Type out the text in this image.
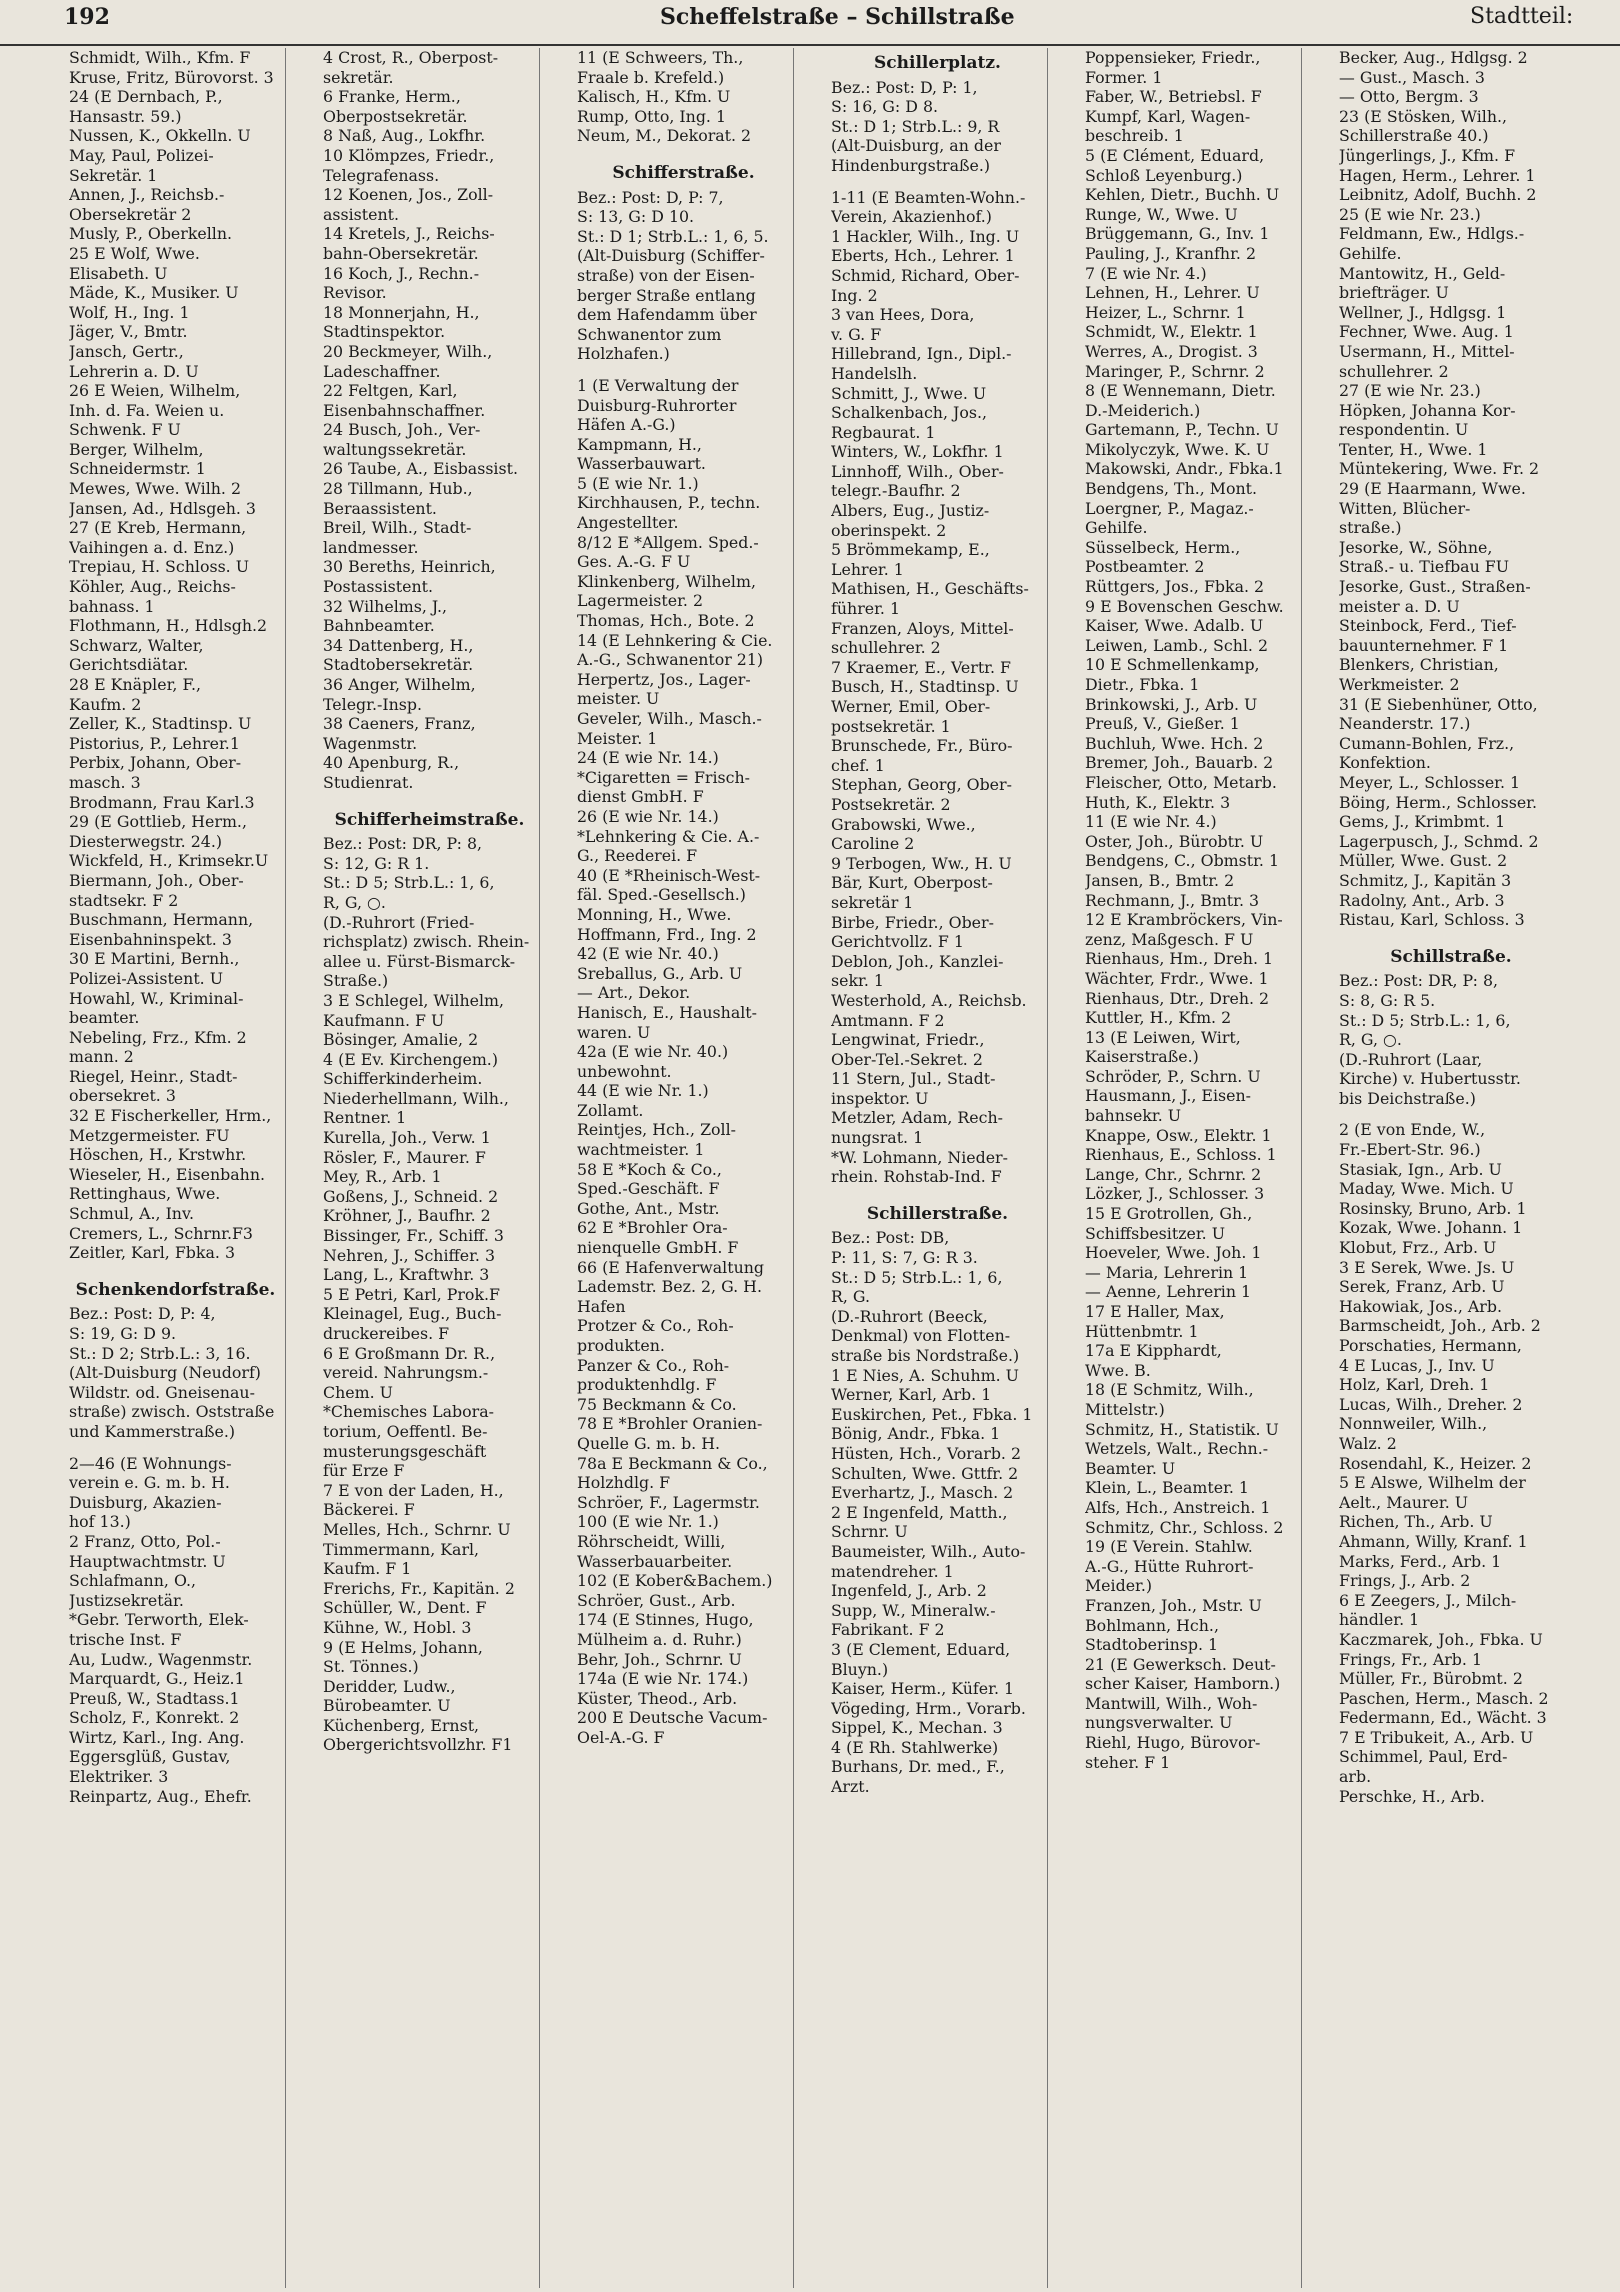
192	Scheffelstraße – Schillstraße	Stadtteil:
Schmidt, Wilh., Kfm. F
Kruse, Fritz, Bürovorst. 3
24 (E Dernbach, P.,
Hansastr. 59.)
Nussen, K., Okkelln. U
May, Paul, Polizei-
Sekretär. 1
Annen, J., Reichsb.-
Obersekretär 2
Musly, P., Oberkelln.
25 E Wolf, Wwe.
Elisabeth. U
Mäde, K., Musiker. U
Wolf, H., Ing. 1
Jäger, V., Bmtr.
Jansch, Gertr.,
Lehrerin a. D. U
26 E Weien, Wilhelm,
Inh. d. Fa. Weien u.
Schwenk. F U
Berger, Wilhelm,
Schneidermstr. 1
Mewes, Wwe. Wilh. 2
Jansen, Ad., Hdlsgeh. 3
27 (E Kreb, Hermann,
Vaihingen a. d. Enz.)
Trepiau, H. Schloss. U
Köhler, Aug., Reichs-
bahnass. 1
Flothmann, H., Hdlsgh.2
Schwarz, Walter,
Gerichtsdiätar.
28 E Knäpler, F.,
Kaufm. 2
Zeller, K., Stadtinsp. U
Pistorius, P., Lehrer.1
Perbix, Johann, Ober-
masch. 3
Brodmann, Frau Karl.3
29 (E Gottlieb, Herm.,
Diesterwegstr. 24.)
Wickfeld, H., Krimsekr.U
Biermann, Joh., Ober-
stadtsekr. F 2
Buschmann, Hermann,
Eisenbahninspekt. 3
30 E Martini, Bernh.,
Polizei-Assistent. U
Howahl, W., Kriminal-
beamter.
Nebeling, Frz., Kfm. 2
mann. 2
Riegel, Heinr., Stadt-
obersekret. 3
32 E Fischerkeller, Hrm.,
Metzgermeister. FU
Höschen, H., Krstwhr.
Wieseler, H., Eisenbahn.
Rettinghaus, Wwe.
Schmul, A., Inv.
Cremers, L., Schrnr.F3
Zeitler, Karl, Fbka. 3
Schenkendorfstraße.
Bez.: Post: D, P: 4,
S: 19, G: D 9.
St.: D 2; Strb.L.: 3, 16.
(Alt-Duisburg (Neudorf)
Wildstr. od. Gneisenau-
straße) zwisch. Oststraße
und Kammerstraße.)
2—46 (E Wohnungs-
verein e. G. m. b. H.
Duisburg, Akazien-
hof 13.)
2 Franz, Otto, Pol.-
Hauptwachtmstr. U
Schlafmann, O.,
Justizsekretär.
*Gebr. Terworth, Elek-
trische Inst. F
Au, Ludw., Wagenmstr.
Marquardt, G., Heiz.1
Preuß, W., Stadtass.1
Scholz, F., Konrekt. 2
Wirtz, Karl., Ing. Ang.
Eggersglüß, Gustav,
Elektriker. 3
Reinpartz, Aug., Ehefr.
4 Crost, R., Oberpost-
sekretär.
6 Franke, Herm.,
Oberpostsekretär.
8 Naß, Aug., Lokfhr.
10 Klömpzes, Friedr.,
Telegrafenass.
12 Koenen, Jos., Zoll-
assistent.
14 Kretels, J., Reichs-
bahn-Obersekretär.
16 Koch, J., Rechn.-
Revisor.
18 Monnerjahn, H.,
Stadtinspektor.
20 Beckmeyer, Wilh.,
Ladeschaffner.
22 Feltgen, Karl,
Eisenbahnschaffner.
24 Busch, Joh., Ver-
waltungssekretär.
26 Taube, A., Eisbassist.
28 Tillmann, Hub.,
Beraassistent.
Breil, Wilh., Stadt-
landmesser.
30 Bereths, Heinrich,
Postassistent.
32 Wilhelms, J.,
Bahnbeamter.
34 Dattenberg, H.,
Stadtobersekretär.
36 Anger, Wilhelm,
Telegr.-Insp.
38 Caeners, Franz,
Wagenmstr.
40 Apenburg, R.,
Studienrat.
Schifferheimstraße.
Bez.: Post: DR, P: 8,
S: 12, G: R 1.
St.: D 5; Strb.L.: 1, 6,
R, G, ○.
(D.-Ruhrort (Fried-
richsplatz) zwisch. Rhein-
allee u. Fürst-Bismarck-
Straße.)
3 E Schlegel, Wilhelm,
Kaufmann. F U
Bösinger, Amalie, 2
4 (E Ev. Kirchengem.)
Schifferkinderheim.
Niederhellmann, Wilh.,
Rentner. 1
Kurella, Joh., Verw. 1
Rösler, F., Maurer. F
Mey, R., Arb. 1
Goßens, J., Schneid. 2
Kröhner, J., Baufhr. 2
Bissinger, Fr., Schiff. 3
Nehren, J., Schiffer. 3
Lang, L., Kraftwhr. 3
5 E Petri, Karl, Prok.F
Kleinagel, Eug., Buch-
druckereibes. F
6 E Großmann Dr. R.,
vereid. Nahrungsm.-
Chem. U
*Chemisches Labora-
torium, Oeffentl. Be-
musterungsgeschäft
für Erze F
7 E von der Laden, H.,
Bäckerei. F
Melles, Hch., Schrnr. U
Timmermann, Karl,
Kaufm. F 1
Frerichs, Fr., Kapitän. 2
Schüller, W., Dent. F
Kühne, W., Hobl. 3
9 (E Helms, Johann,
St. Tönnes.)
Deridder, Ludw.,
Bürobeamter. U
Küchenberg, Ernst,
Obergerichtsvollzhr. F1
11 (E Schweers, Th.,
Fraale b. Krefeld.)
Kalisch, H., Kfm. U
Rump, Otto, Ing. 1
Neum, M., Dekorat. 2
Schifferstraße.
Bez.: Post: D, P: 7,
S: 13, G: D 10.
St.: D 1; Strb.L.: 1, 6, 5.
(Alt-Duisburg (Schiffer-
straße) von der Eisen-
berger Straße entlang
dem Hafendamm über
Schwanentor zum
Holzhafen.)
1 (E Verwaltung der
Duisburg-Ruhrorter
Häfen A.-G.)
Kampmann, H.,
Wasserbauwart.
5 (E wie Nr. 1.)
Kirchhausen, P., techn.
Angestellter.
8/12 E *Allgem. Sped.-
Ges. A.-G. F U
Klinkenberg, Wilhelm,
Lagermeister. 2
Thomas, Hch., Bote. 2
14 (E Lehnkering & Cie.
A.-G., Schwanentor 21)
Herpertz, Jos., Lager-
meister. U
Geveler, Wilh., Masch.-
Meister. 1
24 (E wie Nr. 14.)
*Cigaretten = Frisch-
dienst GmbH. F
26 (E wie Nr. 14.)
*Lehnkering & Cie. A.-
G., Reederei. F
40 (E *Rheinisch-West-
fäl. Sped.-Gesellsch.)
Monning, H., Wwe.
Hoffmann, Frd., Ing. 2
42 (E wie Nr. 40.)
Sreballus, G., Arb. U
— Art., Dekor.
Hanisch, E., Haushalt-
waren. U
42a (E wie Nr. 40.)
unbewohnt.
44 (E wie Nr. 1.)
Zollamt.
Reintjes, Hch., Zoll-
wachtmeister. 1
58 E *Koch & Co.,
Sped.-Geschäft. F
Gothe, Ant., Mstr.
62 E *Brohler Ora-
nienquelle GmbH. F
66 (E Hafenverwaltung
Lademstr. Bez. 2, G. H.
Hafen
Protzer & Co., Roh-
produkten.
Panzer & Co., Roh-
produktenhdlg. F
75 Beckmann & Co.
78 E *Brohler Oranien-
Quelle G. m. b. H.
78a E Beckmann & Co.,
Holzhdlg. F
Schröer, F., Lagermstr.
100 (E wie Nr. 1.)
Röhrscheidt, Willi,
Wasserbauarbeiter.
102 (E Kober&Bachem.)
Schröer, Gust., Arb.
174 (E Stinnes, Hugo,
Mülheim a. d. Ruhr.)
Behr, Joh., Schrnr. U
174a (E wie Nr. 174.)
Küster, Theod., Arb.
200 E Deutsche Vacum-
Oel-A.-G. F
Schillerplatz.
Bez.: Post: D, P: 1,
S: 16, G: D 8.
St.: D 1; Strb.L.: 9, R
(Alt-Duisburg, an der
Hindenburgstraße.)
1-11 (E Beamten-Wohn.-
Verein, Akazienhof.)
1 Hackler, Wilh., Ing. U
Eberts, Hch., Lehrer. 1
Schmid, Richard, Ober-
Ing. 2
3 van Hees, Dora,
v. G. F
Hillebrand, Ign., Dipl.-
Handelslh.
Schmitt, J., Wwe. U
Schalkenbach, Jos.,
Regbaurat. 1
Winters, W., Lokfhr. 1
Linnhoff, Wilh., Ober-
telegr.-Baufhr. 2
Albers, Eug., Justiz-
oberinspekt. 2
5 Brömmekamp, E.,
Lehrer. 1
Mathisen, H., Geschäfts-
führer. 1
Franzen, Aloys, Mittel-
schullehrer. 2
7 Kraemer, E., Vertr. F
Busch, H., Stadtinsp. U
Werner, Emil, Ober-
postsekretär. 1
Brunschede, Fr., Büro-
chef. 1
Stephan, Georg, Ober-
Postsekretär. 2
Grabowski, Wwe.,
Caroline 2
9 Terbogen, Ww., H. U
Bär, Kurt, Oberpost-
sekretär 1
Birbe, Friedr., Ober-
Gerichtvollz. F 1
Deblon, Joh., Kanzlei-
sekr. 1
Westerhold, A., Reichsb.
Amtmann. F 2
Lengwinat, Friedr.,
Ober-Tel.-Sekret. 2
11 Stern, Jul., Stadt-
inspektor. U
Metzler, Adam, Rech-
nungsrat. 1
*W. Lohmann, Nieder-
rhein. Rohstab-Ind. F
Schillerstraße.
Bez.: Post: DB,
P: 11, S: 7, G: R 3.
St.: D 5; Strb.L.: 1, 6,
R, G.
(D.-Ruhrort (Beeck,
Denkmal) von Flotten-
straße bis Nordstraße.)
1 E Nies, A. Schuhm. U
Werner, Karl, Arb. 1
Euskirchen, Pet., Fbka. 1
Bönig, Andr., Fbka. 1
Hüsten, Hch., Vorarb. 2
Schulten, Wwe. Gttfr. 2
Everhartz, J., Masch. 2
2 E Ingenfeld, Matth.,
Schrnr. U
Baumeister, Wilh., Auto-
matendreher. 1
Ingenfeld, J., Arb. 2
Supp, W., Mineralw.-
Fabrikant. F 2
3 (E Clement, Eduard,
Bluyn.)
Kaiser, Herm., Küfer. 1
Vögeding, Hrm., Vorarb.
Sippel, K., Mechan. 3
4 (E Rh. Stahlwerke)
Burhans, Dr. med., F.,
Arzt.
Poppensieker, Friedr.,
Former. 1
Faber, W., Betriebsl. F
Kumpf, Karl, Wagen-
beschreib. 1
5 (E Clément, Eduard,
Schloß Leyenburg.)
Kehlen, Dietr., Buchh. U
Runge, W., Wwe. U
Brüggemann, G., Inv. 1
Pauling, J., Kranfhr. 2
7 (E wie Nr. 4.)
Lehnen, H., Lehrer. U
Heizer, L., Schrnr. 1
Schmidt, W., Elektr. 1
Werres, A., Drogist. 3
Maringer, P., Schrnr. 2
8 (E Wennemann, Dietr.
D.-Meiderich.)
Gartemann, P., Techn. U
Mikolyczyk, Wwe. K. U
Makowski, Andr., Fbka.1
Bendgens, Th., Mont.
Loergner, P., Magaz.-
Gehilfe.
Süsselbeck, Herm.,
Postbeamter. 2
Rüttgers, Jos., Fbka. 2
9 E Bovenschen Geschw.
Kaiser, Wwe. Adalb. U
Leiwen, Lamb., Schl. 2
10 E Schmellenkamp,
Dietr., Fbka. 1
Brinkowski, J., Arb. U
Preuß, V., Gießer. 1
Buchluh, Wwe. Hch. 2
Bremer, Joh., Bauarb. 2
Fleischer, Otto, Metarb.
Huth, K., Elektr. 3
11 (E wie Nr. 4.)
Oster, Joh., Bürobtr. U
Bendgens, C., Obmstr. 1
Jansen, B., Bmtr. 2
Rechmann, J., Bmtr. 3
12 E Krambröckers, Vin-
zenz, Maßgesch. F U
Rienhaus, Hm., Dreh. 1
Wächter, Frdr., Wwe. 1
Rienhaus, Dtr., Dreh. 2
Kuttler, H., Kfm. 2
13 (E Leiwen, Wirt,
Kaiserstraße.)
Schröder, P., Schrn. U
Hausmann, J., Eisen-
bahnsekr. U
Knappe, Osw., Elektr. 1
Rienhaus, E., Schloss. 1
Lange, Chr., Schrnr. 2
Lözker, J., Schlosser. 3
15 E Grotrollen, Gh.,
Schiffsbesitzer. U
Hoeveler, Wwe. Joh. 1
— Maria, Lehrerin 1
— Aenne, Lehrerin 1
17 E Haller, Max,
Hüttenbmtr. 1
17a E Kipphardt,
Wwe. B.
18 (E Schmitz, Wilh.,
Mittelstr.)
Schmitz, H., Statistik. U
Wetzels, Walt., Rechn.-
Beamter. U
Klein, L., Beamter. 1
Alfs, Hch., Anstreich. 1
Schmitz, Chr., Schloss. 2
19 (E Verein. Stahlw.
A.-G., Hütte Ruhrort-
Meider.)
Franzen, Joh., Mstr. U
Bohlmann, Hch.,
Stadtoberinsp. 1
21 (E Gewerksch. Deut-
scher Kaiser, Hamborn.)
Mantwill, Wilh., Woh-
nungsverwalter. U
Riehl, Hugo, Bürovor-
steher. F 1
Becker, Aug., Hdlgsg. 2
— Gust., Masch. 3
— Otto, Bergm. 3
23 (E Stösken, Wilh.,
Schillerstraße 40.)
Jüngerlings, J., Kfm. F
Hagen, Herm., Lehrer. 1
Leibnitz, Adolf, Buchh. 2
25 (E wie Nr. 23.)
Feldmann, Ew., Hdlgs.-
Gehilfe.
Mantowitz, H., Geld-
briefträger. U
Wellner, J., Hdlgsg. 1
Fechner, Wwe. Aug. 1
Usermann, H., Mittel-
schullehrer. 2
27 (E wie Nr. 23.)
Höpken, Johanna Kor-
respondentin. U
Tenter, H., Wwe. 1
Müntekering, Wwe. Fr. 2
29 (E Haarmann, Wwe.
Witten, Blücher-
straße.)
Jesorke, W., Söhne,
Straß.- u. Tiefbau FU
Jesorke, Gust., Straßen-
meister a. D. U
Steinbock, Ferd., Tief-
bauunternehmer. F 1
Blenkers, Christian,
Werkmeister. 2
31 (E Siebenhüner, Otto,
Neanderstr. 17.)
Cumann-Bohlen, Frz.,
Konfektion.
Meyer, L., Schlosser. 1
Böing, Herm., Schlosser.
Gems, J., Krimbmt. 1
Lagerpusch, J., Schmd. 2
Müller, Wwe. Gust. 2
Schmitz, J., Kapitän 3
Radolny, Ant., Arb. 3
Ristau, Karl, Schloss. 3
Schillstraße.
Bez.: Post: DR, P: 8,
S: 8, G: R 5.
St.: D 5; Strb.L.: 1, 6,
R, G, ○.
(D.-Ruhrort (Laar,
Kirche) v. Hubertusstr.
bis Deichstraße.)
2 (E von Ende, W.,
Fr.-Ebert-Str. 96.)
Stasiak, Ign., Arb. U
Maday, Wwe. Mich. U
Rosinsky, Bruno, Arb. 1
Kozak, Wwe. Johann. 1
Klobut, Frz., Arb. U
3 E Serek, Wwe. Js. U
Serek, Franz, Arb. U
Hakowiak, Jos., Arb.
Barmscheidt, Joh., Arb. 2
Porschaties, Hermann,
4 E Lucas, J., Inv. U
Holz, Karl, Dreh. 1
Lucas, Wilh., Dreher. 2
Nonnweiler, Wilh.,
Walz. 2
Rosendahl, K., Heizer. 2
5 E Alswe, Wilhelm der
Aelt., Maurer. U
Richen, Th., Arb. U
Ahmann, Willy, Kranf. 1
Marks, Ferd., Arb. 1
Frings, J., Arb. 2
6 E Zeegers, J., Milch-
händler. 1
Kaczmarek, Joh., Fbka. U
Frings, Fr., Arb. 1
Müller, Fr., Bürobmt. 2
Paschen, Herm., Masch. 2
Federmann, Ed., Wächt. 3
7 E Tribukeit, A., Arb. U
Schimmel, Paul, Erd-
arb.
Perschke, H., Arb.
